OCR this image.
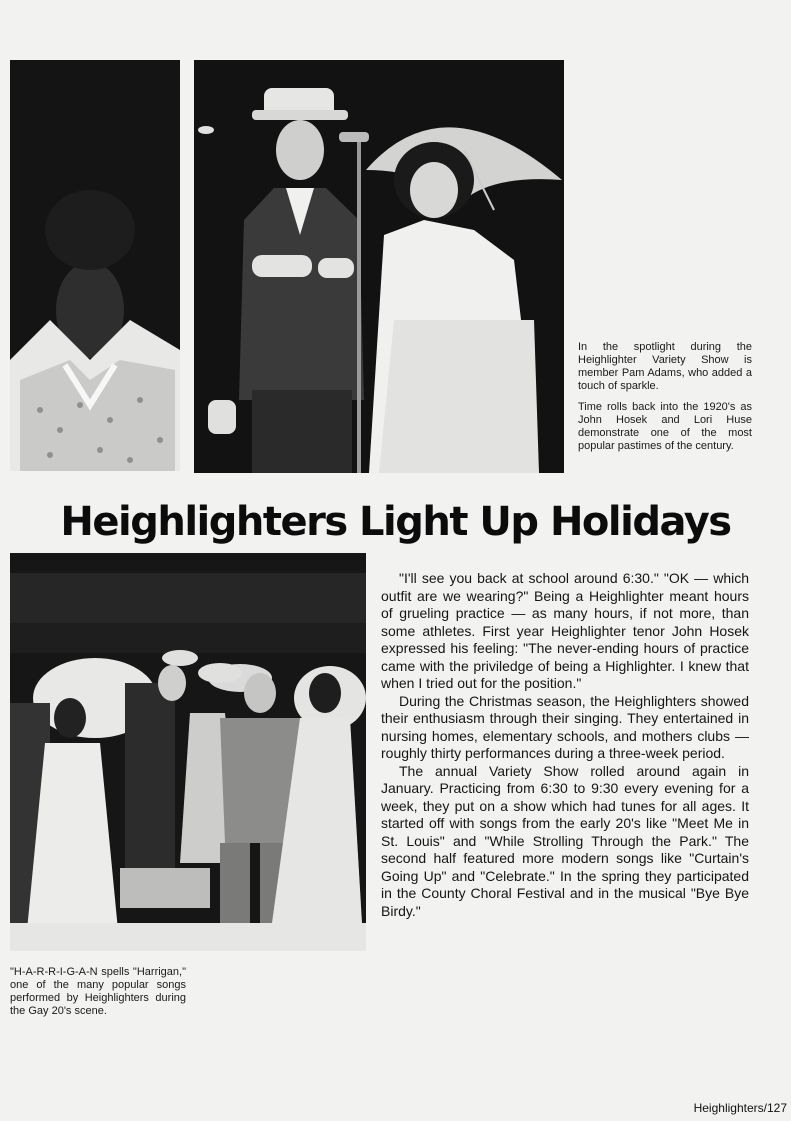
In the spotlight during the Heighlighter Variety Show is member Pam Adams, who added a touch of sparkle.

Time rolls back into the 1920's as John Hosek and Lori Huse demonstrate one of the most popular pastimes of the century.

Heighlighters Light Up Holidays
"H-A-R-R-I-G-A-N spells "Harrigan," one of the many popular songs performed by Heighlighters during the Gay 20's scene.

"I'll see you back at school around 6:30." "OK — which outfit are we wearing?" Being a Heighlighter meant hours of grueling practice — as many hours, if not more, than some athletes. First year Heighlighter tenor John Hosek expressed his feeling: "The never-ending hours of practice came with the priviledge of being a Highlighter. I knew that when I tried out for the position."

During the Christmas season, the Heighlighters showed their enthusiasm through their singing. They entertained in nursing homes, elementary schools, and mothers clubs — roughly thirty performances during a three-week period.

The annual Variety Show rolled around again in January. Practicing from 6:30 to 9:30 every evening for a week, they put on a show which had tunes for all ages. It started off with songs from the early 20's like "Meet Me in St. Louis" and "While Strolling Through the Park." The second half featured more modern songs like "Curtain's Going Up" and "Celebrate." In the spring they participated in the County Choral Festival and in the musical "Bye Bye Birdy."

Heighlighters/127
